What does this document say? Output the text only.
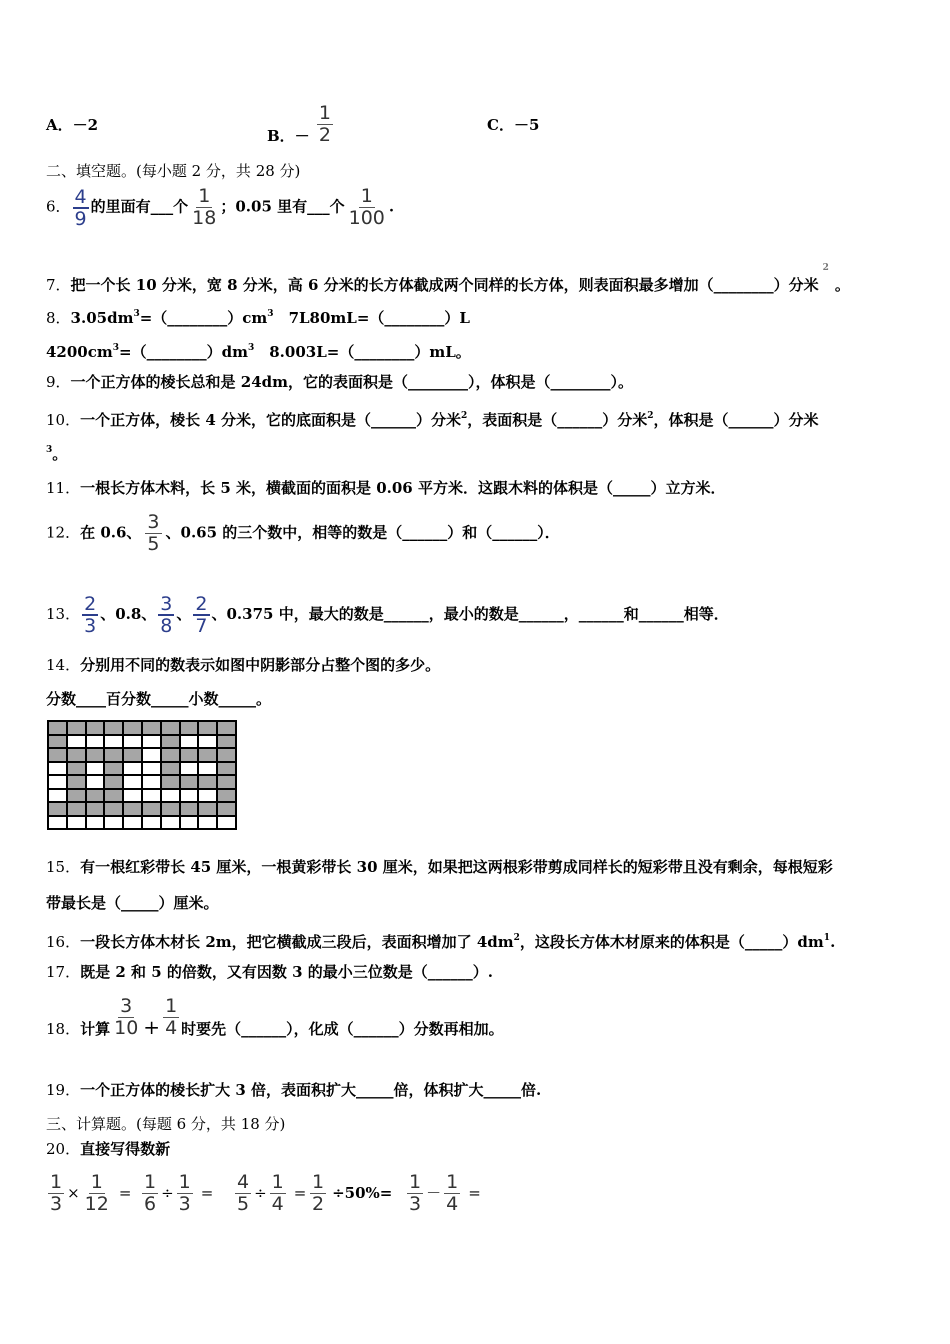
A．－2
B．－ $\frac{1}{2}$	C．－5
二、填空题。(每小题 2 分，共 28 分)
6． $\frac{4}{9}$ 的里面有___个 $\frac{1}{18}$ ；0.05 里有___个 $\frac{1}{100}$ .
7．把一个长 10 分米，宽 8 分米，高 6 分米的长方体截成两个同样的长方体，则表面积最多增加（________）分米$^2$。
8．$3.05dm^3=(\_\_\_\_\_\_\_\_)cm^3$　7L80mL=（________）L
$4200cm^3=(\_\_\_\_\_\_\_\_)dm^3$　8.003L=（________）mL。
9．一个正方体的棱长总和是 24dm，它的表面积是（________），体积是（________）。
10．一个正方体，棱长 4 分米，它的底面积是（______）分米$^2$，表面积是（______）分米$^2$，体积是（______）分米
$^3$。
11．一根长方体木料，长 5 米，横截面的面积是 0.06 平方米．这跟木料的体积是（_____）立方米．
12．在 0.6、 $\frac{3}{5}$ 、0.65 的三个数中，相等的数是（______）和（______）．
13． $\frac{2}{3}$ 、0.8、 $\frac{3}{8}$ 、 $\frac{2}{7}$ 、0.375 中，最大的数是______，最小的数是______，______和______相等．
14．分别用不同的数表示如图中阴影部分占整个图的多少。
分数____百分数_____小数_____。
15．有一根红彩带长 45 厘米，一根黄彩带长 30 厘米，如果把这两根彩带剪成同样长的短彩带且没有剩余，每根短彩
带最长是（_____）厘米。
16．一段长方体木材长 2m，把它横截成三段后，表面积增加了 $4dm^2$，这段长方体木材原来的体积是$(\_\_\_\_\_)dm^1$.
17．既是 2 和 5 的倍数，又有因数 3 的最小三位数是（______）.
18．计算 $\frac{3}{10} + \frac{1}{4}$ 时要先（______），化成（______）分数再相加。
19．一个正方体的棱长扩大 3 倍，表面积扩大_____倍，体积扩大_____倍.
三、计算题。(每题 6 分，共 18 分)
20．直接写得数新
$\frac{1}{3} \times \frac{1}{12} = \frac{1}{6} \div \frac{1}{3} = \frac{4}{5} \div \frac{1}{4} = \frac{1}{2} \div 50\%= \frac{1}{3} - \frac{1}{4}$ =
